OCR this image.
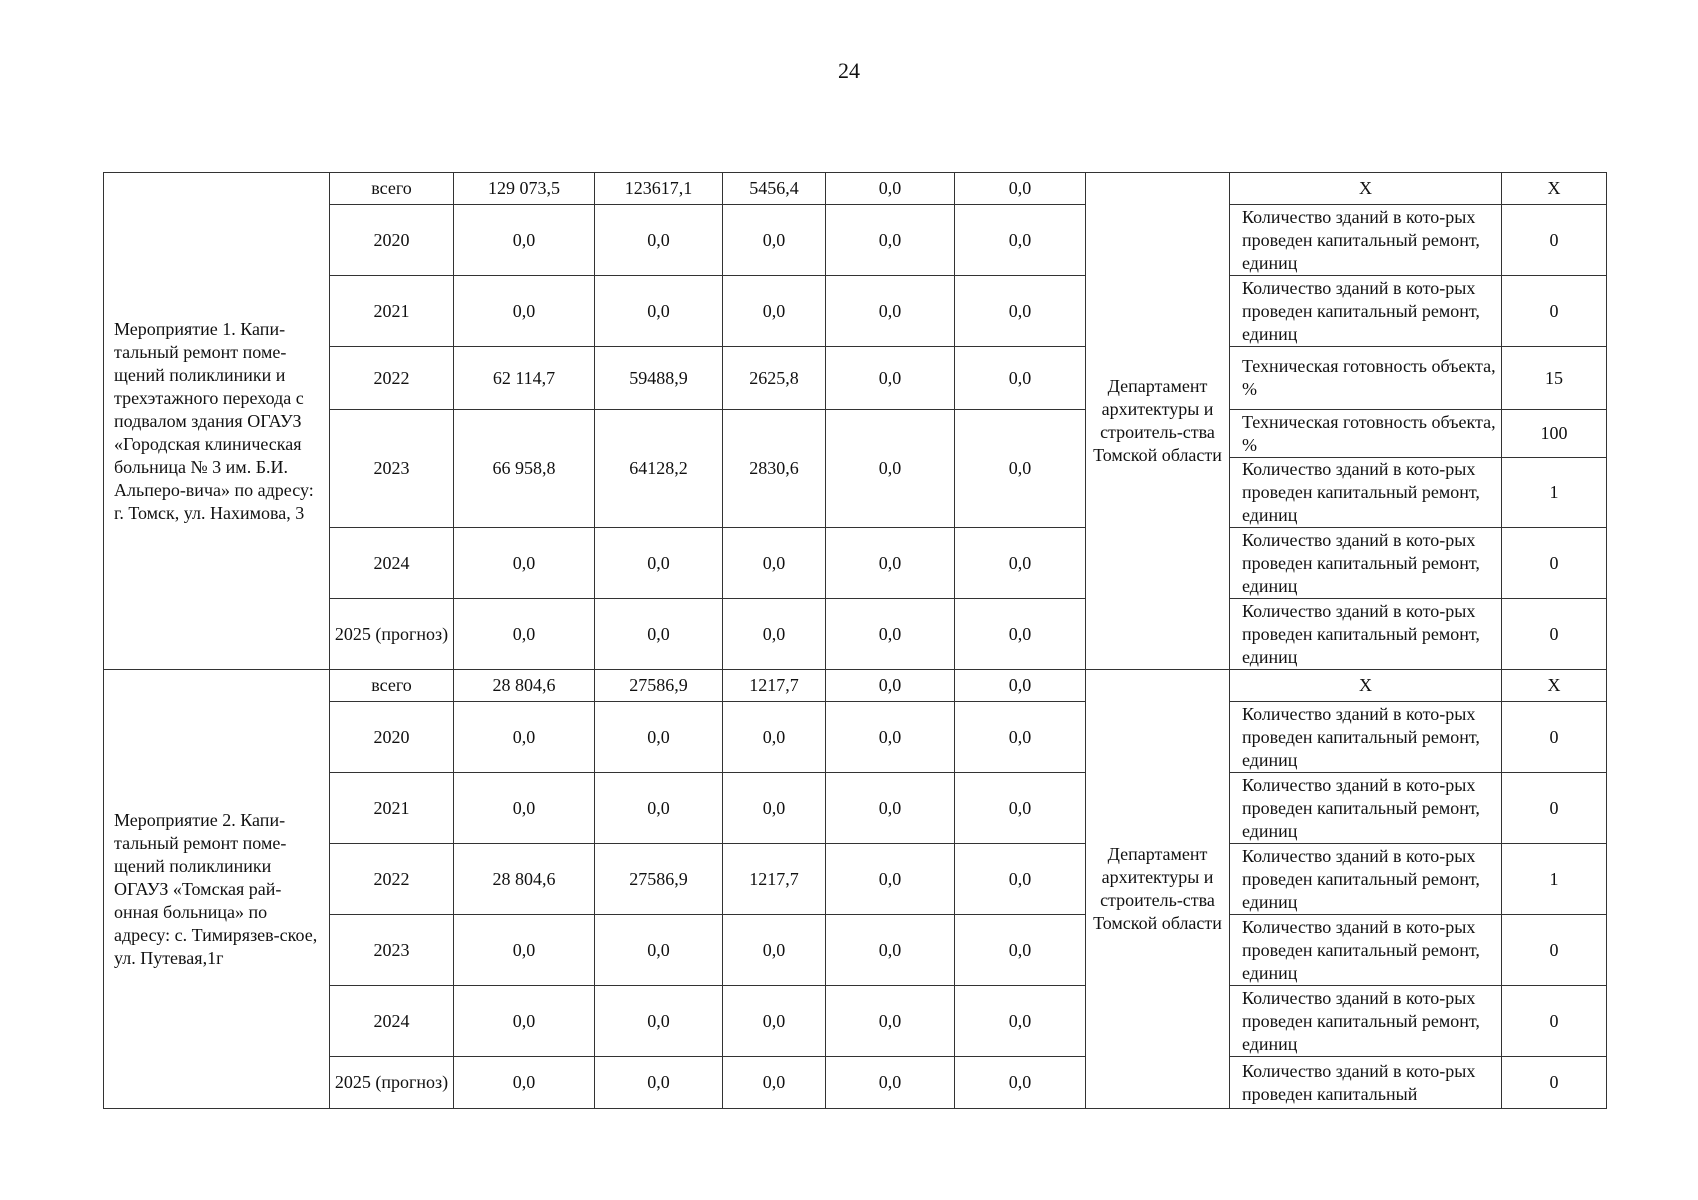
24
Мероприятие 1. Капи-тальный ремонт поме-щений поликлиники и трехэтажного перехода с подвалом здания ОГАУЗ «Городская клиническая больница № 3 им. Б.И. Альперо-вича» по адресу: г. Томск, ул. Нахимова, 3	всего	129 073,5	123617,1	5456,4	0,0	0,0	Департамент архитектуры и строитель-ства Томской области	Х	Х
	2020	0,0	0,0	0,0	0,0	0,0		Количество зданий в кото-рых проведен капитальный ремонт, единиц	0
	2021	0,0	0,0	0,0	0,0	0,0		Количество зданий в кото-рых проведен капитальный ремонт, единиц	0
	2022	62 114,7	59488,9	2625,8	0,0	0,0		Техническая готовность объекта, %	15
	2023	66 958,8	64128,2	2830,6	0,0	0,0		Техническая готовность объекта, %	100
								Количество зданий в кото-рых проведен капитальный ремонт, единиц	1
	2024	0,0	0,0	0,0	0,0	0,0		Количество зданий в кото-рых проведен капитальный ремонт, единиц	0
	2025 (прогноз)	0,0	0,0	0,0	0,0	0,0		Количество зданий в кото-рых проведен капитальный ремонт, единиц	0
Мероприятие 2. Капи-тальный ремонт поме-щений поликлиники ОГАУЗ «Томская рай-онная больница» по адресу: с. Тимирязев-ское, ул. Путевая,1г	всего	28 804,6	27586,9	1217,7	0,0	0,0	Департамент архитектуры и строитель-ства Томской области	Х	Х
	2020	0,0	0,0	0,0	0,0	0,0		Количество зданий в кото-рых проведен капитальный ремонт, единиц	0
	2021	0,0	0,0	0,0	0,0	0,0		Количество зданий в кото-рых проведен капитальный ремонт, единиц	0
	2022	28 804,6	27586,9	1217,7	0,0	0,0		Количество зданий в кото-рых проведен капитальный ремонт, единиц	1
	2023	0,0	0,0	0,0	0,0	0,0		Количество зданий в кото-рых проведен капитальный ремонт, единиц	0
	2024	0,0	0,0	0,0	0,0	0,0		Количество зданий в кото-рых проведен капитальный ремонт, единиц	0
	2025 (прогноз)	0,0	0,0	0,0	0,0	0,0		Количество зданий в кото-рых проведен капитальный	0
